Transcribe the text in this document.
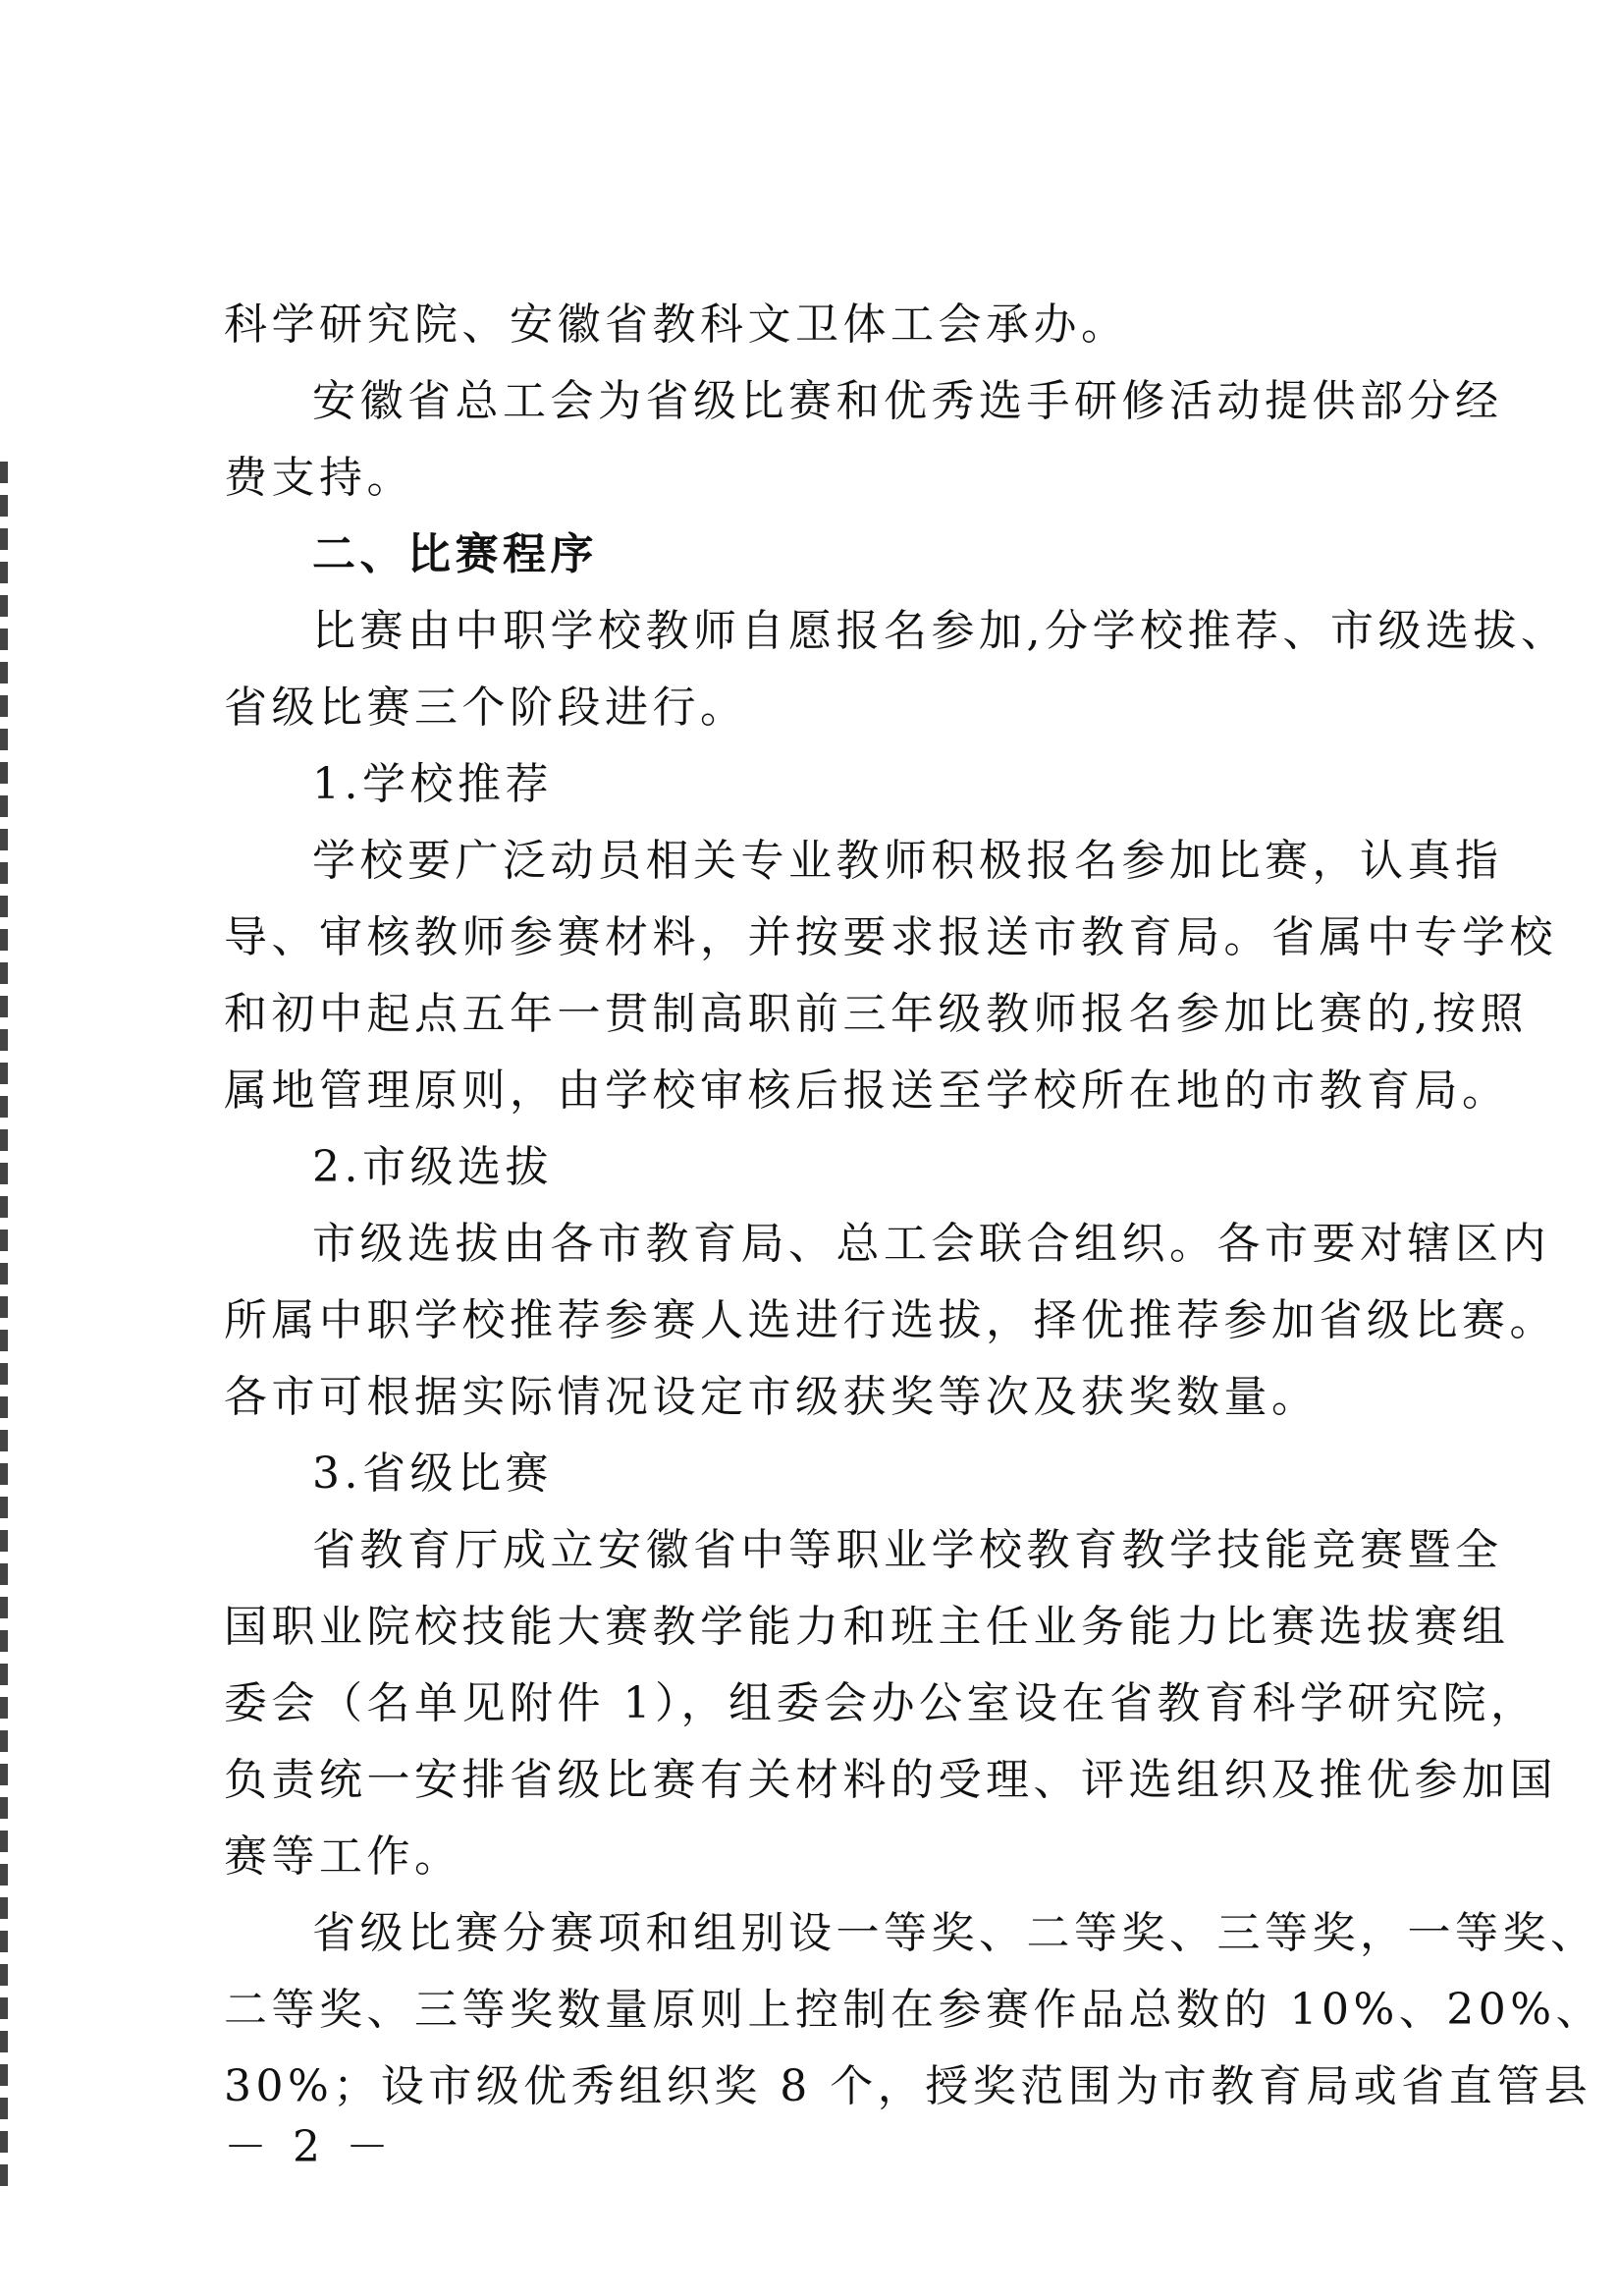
科学研究院、安徽省教科文卫体工会承办。
安徽省总工会为省级比赛和优秀选手研修活动提供部分经
费支持。
二、比赛程序
比赛由中职学校教师自愿报名参加,分学校推荐、市级选拔、
省级比赛三个阶段进行。
1.学校推荐
学校要广泛动员相关专业教师积极报名参加比赛，认真指
导、审核教师参赛材料，并按要求报送市教育局。省属中专学校
和初中起点五年一贯制高职前三年级教师报名参加比赛的,按照
属地管理原则，由学校审核后报送至学校所在地的市教育局。
2.市级选拔
市级选拔由各市教育局、总工会联合组织。各市要对辖区内
所属中职学校推荐参赛人选进行选拔，择优推荐参加省级比赛。
各市可根据实际情况设定市级获奖等次及获奖数量。
3.省级比赛
省教育厅成立安徽省中等职业学校教育教学技能竞赛暨全
国职业院校技能大赛教学能力和班主任业务能力比赛选拔赛组
委会（名单见附件 1），组委会办公室设在省教育科学研究院，
负责统一安排省级比赛有关材料的受理、评选组织及推优参加国
赛等工作。
省级比赛分赛项和组别设一等奖、二等奖、三等奖，一等奖、
二等奖、三等奖数量原则上控制在参赛作品总数的 10%、20%、
30%；设市级优秀组织奖 8 个，授奖范围为市教育局或省直管县
－ 2 －
